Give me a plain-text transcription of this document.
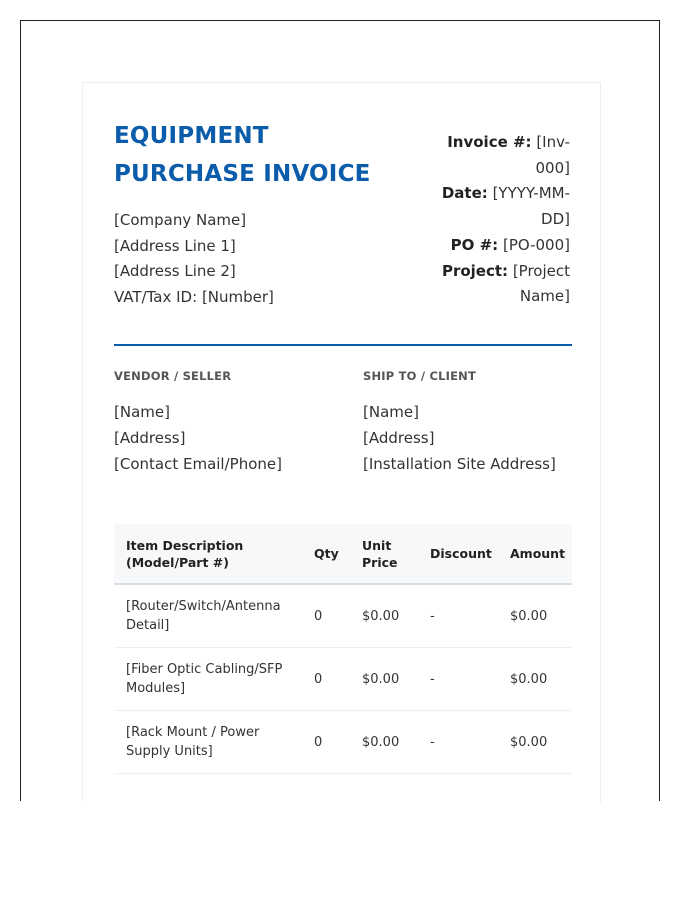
EQUIPMENT PURCHASE INVOICE
[Company Name]
[Address Line 1]
[Address Line 2]
VAT/Tax ID: [Number]
Invoice #: [Inv-000]
Date: [YYYY-MM-DD]
PO #: [PO-000]
Project: [Project Name]
VENDOR / SELLER
[Name]
[Address]
[Contact Email/Phone]
SHIP TO / CLIENT
[Name]
[Address]
[Installation Site Address]
Item Description (Model/Part #)	Qty	Unit Price	Discount	Amount
[Router/Switch/Antenna Detail]	0	$0.00	-	$0.00
[Fiber Optic Cabling/SFP Modules]	0	$0.00	-	$0.00
[Rack Mount / Power Supply Units]	0	$0.00	-	$0.00
